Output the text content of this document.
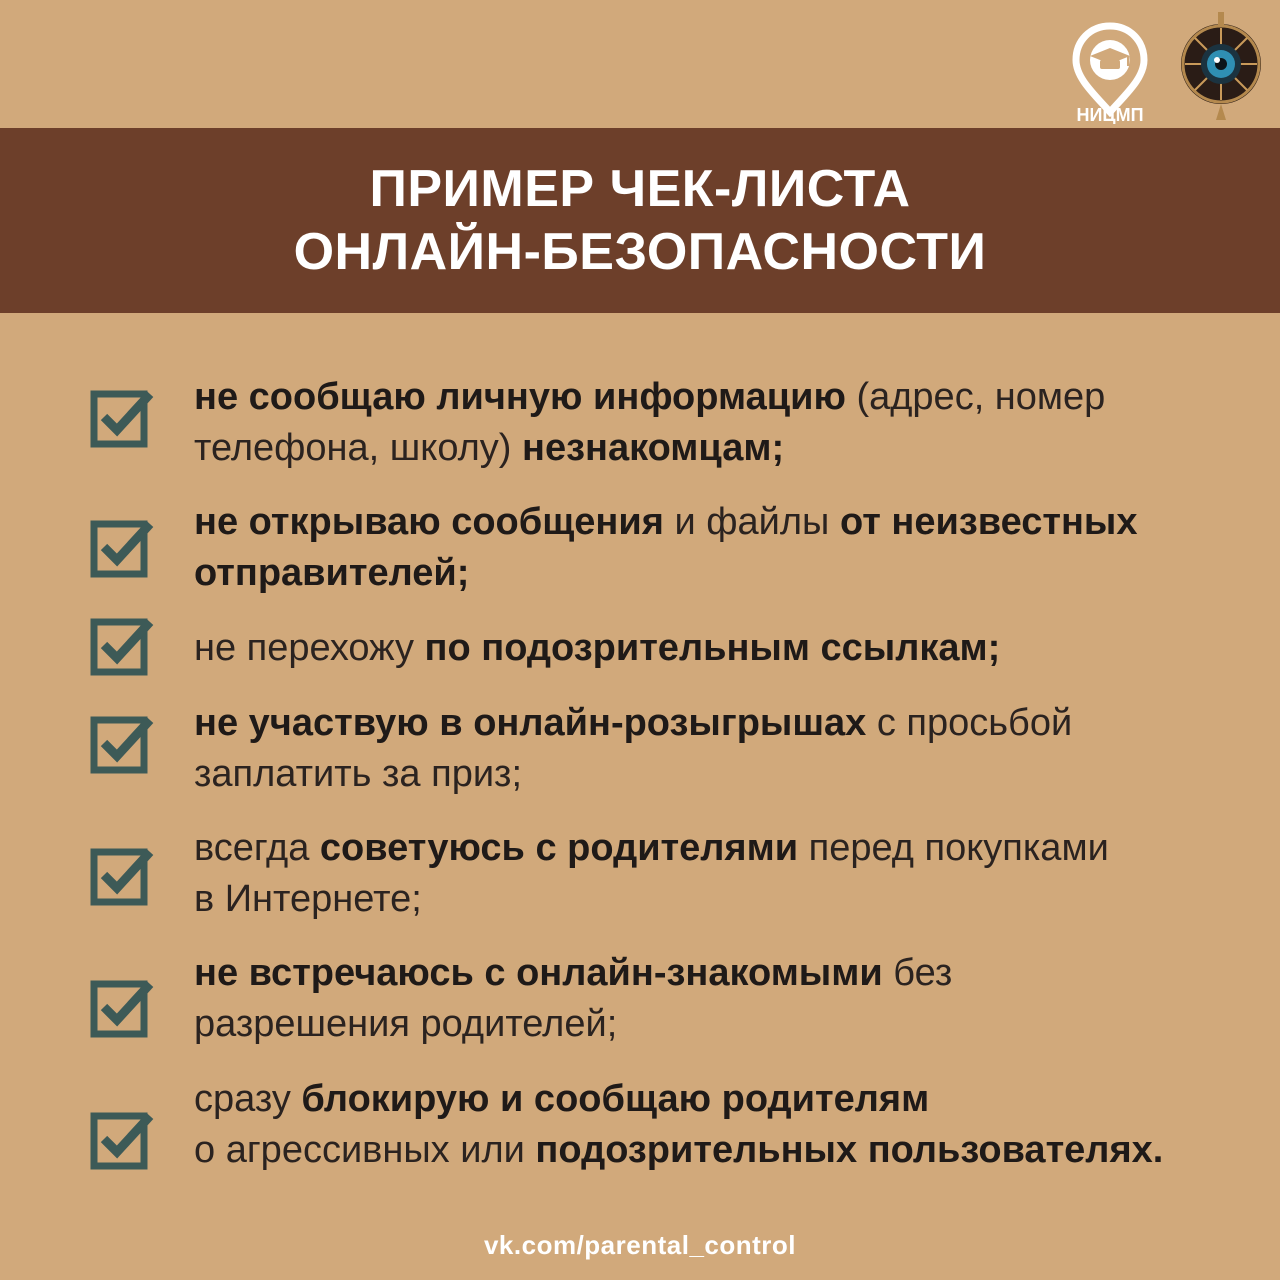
НИЦМП
ПРИМЕР ЧЕК-ЛИСТА
ОНЛАЙН-БЕЗОПАСНОСТИ
не сообщаю личную информацию (адрес, номер
телефона, школу) незнакомцам;
не открываю сообщения и файлы от неизвестных
отправителей;
не перехожу по подозрительным ссылкам;
не участвую в онлайн-розыгрышах с просьбой
заплатить за приз;
всегда советуюсь с родителями перед покупками
в Интернете;
не встречаюсь с онлайн-знакомыми без
разрешения родителей;
сразу блокирую и сообщаю родителям
о агрессивных или подозрительных пользователях.
vk.com/parental_control
